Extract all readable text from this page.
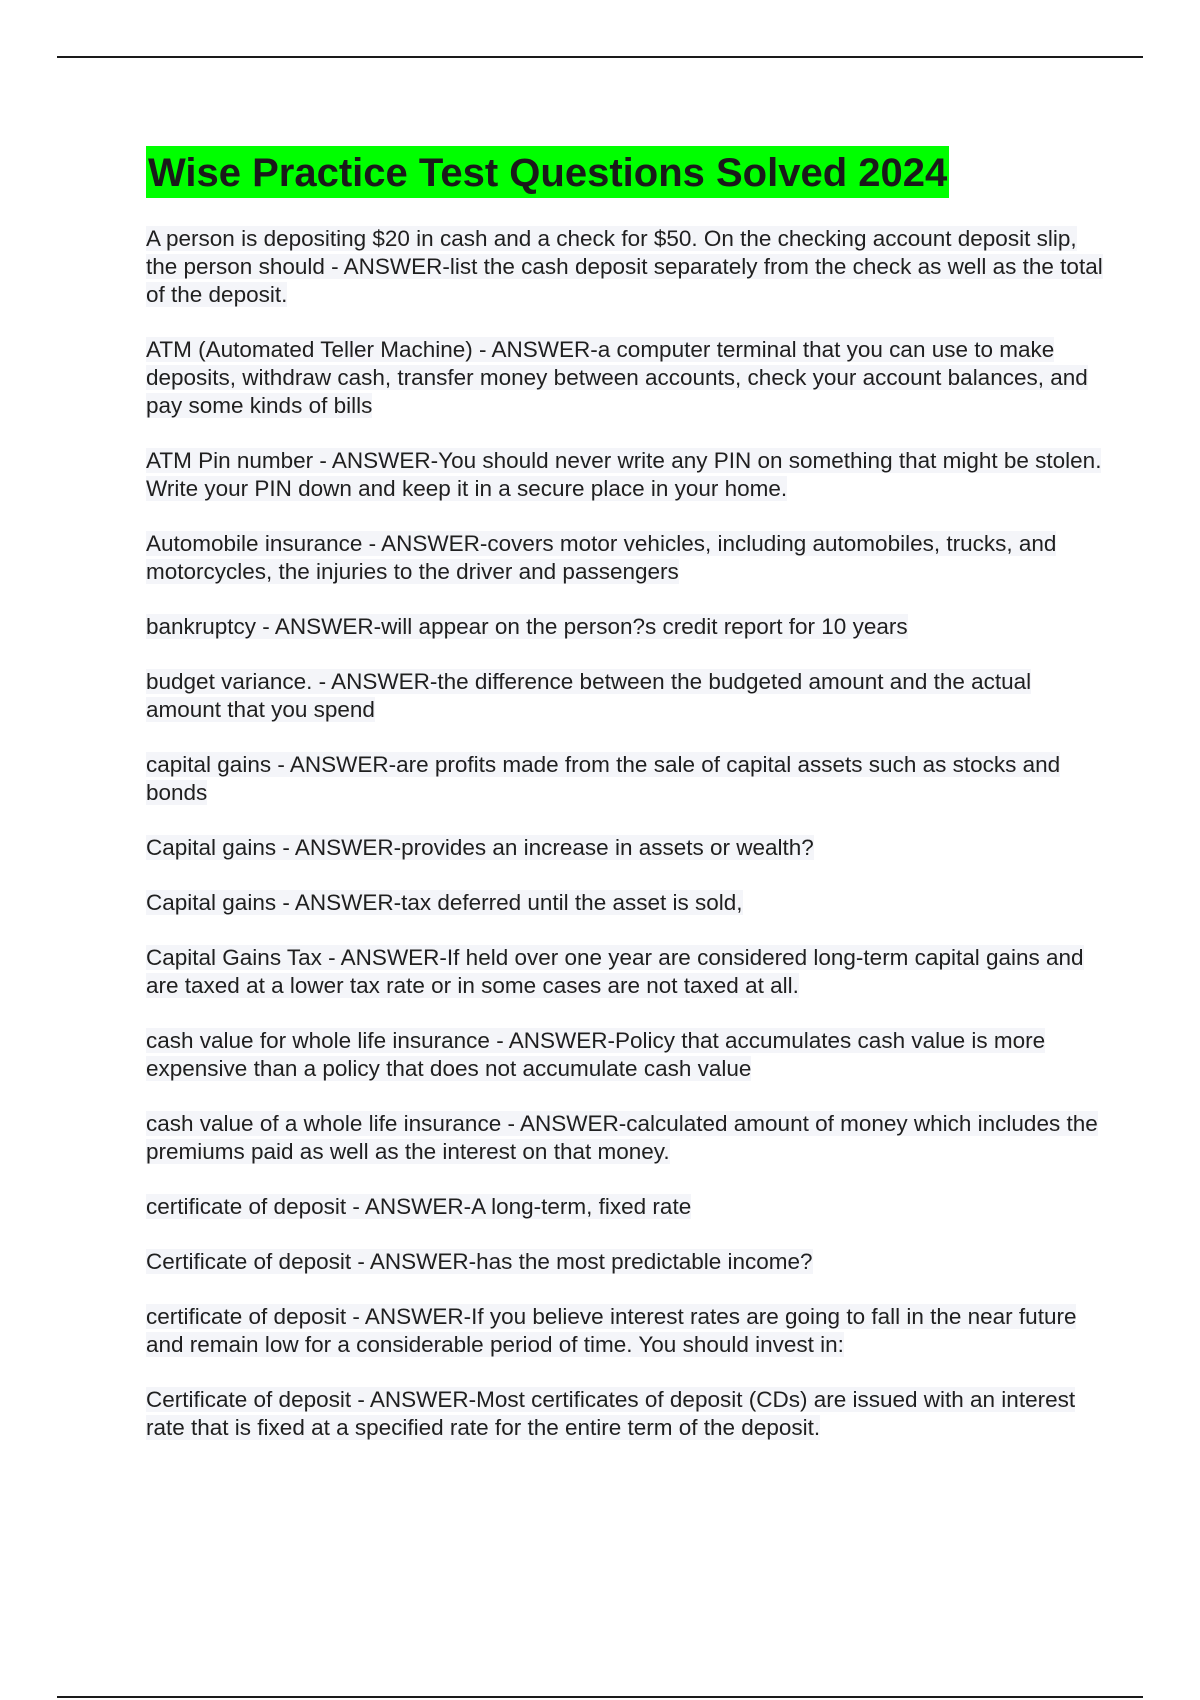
Wise Practice Test Questions Solved 2024

A person is depositing $20 in cash and a check for $50. On the checking account deposit slip, the person should - ANSWER-list the cash deposit separately from the check as well as the total of the deposit.

ATM (Automated Teller Machine) - ANSWER-a computer terminal that you can use to make deposits, withdraw cash, transfer money between accounts, check your account balances, and pay some kinds of bills

ATM Pin number - ANSWER-You should never write any PIN on something that might be stolen. Write your PIN down and keep it in a secure place in your home.

Automobile insurance - ANSWER-covers motor vehicles, including automobiles, trucks, and motorcycles, the injuries to the driver and passengers

bankruptcy - ANSWER-will appear on the person?s credit report for 10 years

budget variance. - ANSWER-the difference between the budgeted amount and the actual amount that you spend

capital gains - ANSWER-are profits made from the sale of capital assets such as stocks and bonds

Capital gains - ANSWER-provides an increase in assets or wealth?

Capital gains - ANSWER-tax deferred until the asset is sold,

Capital Gains Tax - ANSWER-If held over one year are considered long-term capital gains and are taxed at a lower tax rate or in some cases are not taxed at all.

cash value for whole life insurance - ANSWER-Policy that accumulates cash value is more expensive than a policy that does not accumulate cash value

cash value of a whole life insurance - ANSWER-calculated amount of money which includes the premiums paid as well as the interest on that money.

certificate of deposit - ANSWER-A long-term, fixed rate

Certificate of deposit - ANSWER-has the most predictable income?

certificate of deposit - ANSWER-If you believe interest rates are going to fall in the near future and remain low for a considerable period of time. You should invest in:

Certificate of deposit - ANSWER-Most certificates of deposit (CDs) are issued with an interest rate that is fixed at a specified rate for the entire term of the deposit.
